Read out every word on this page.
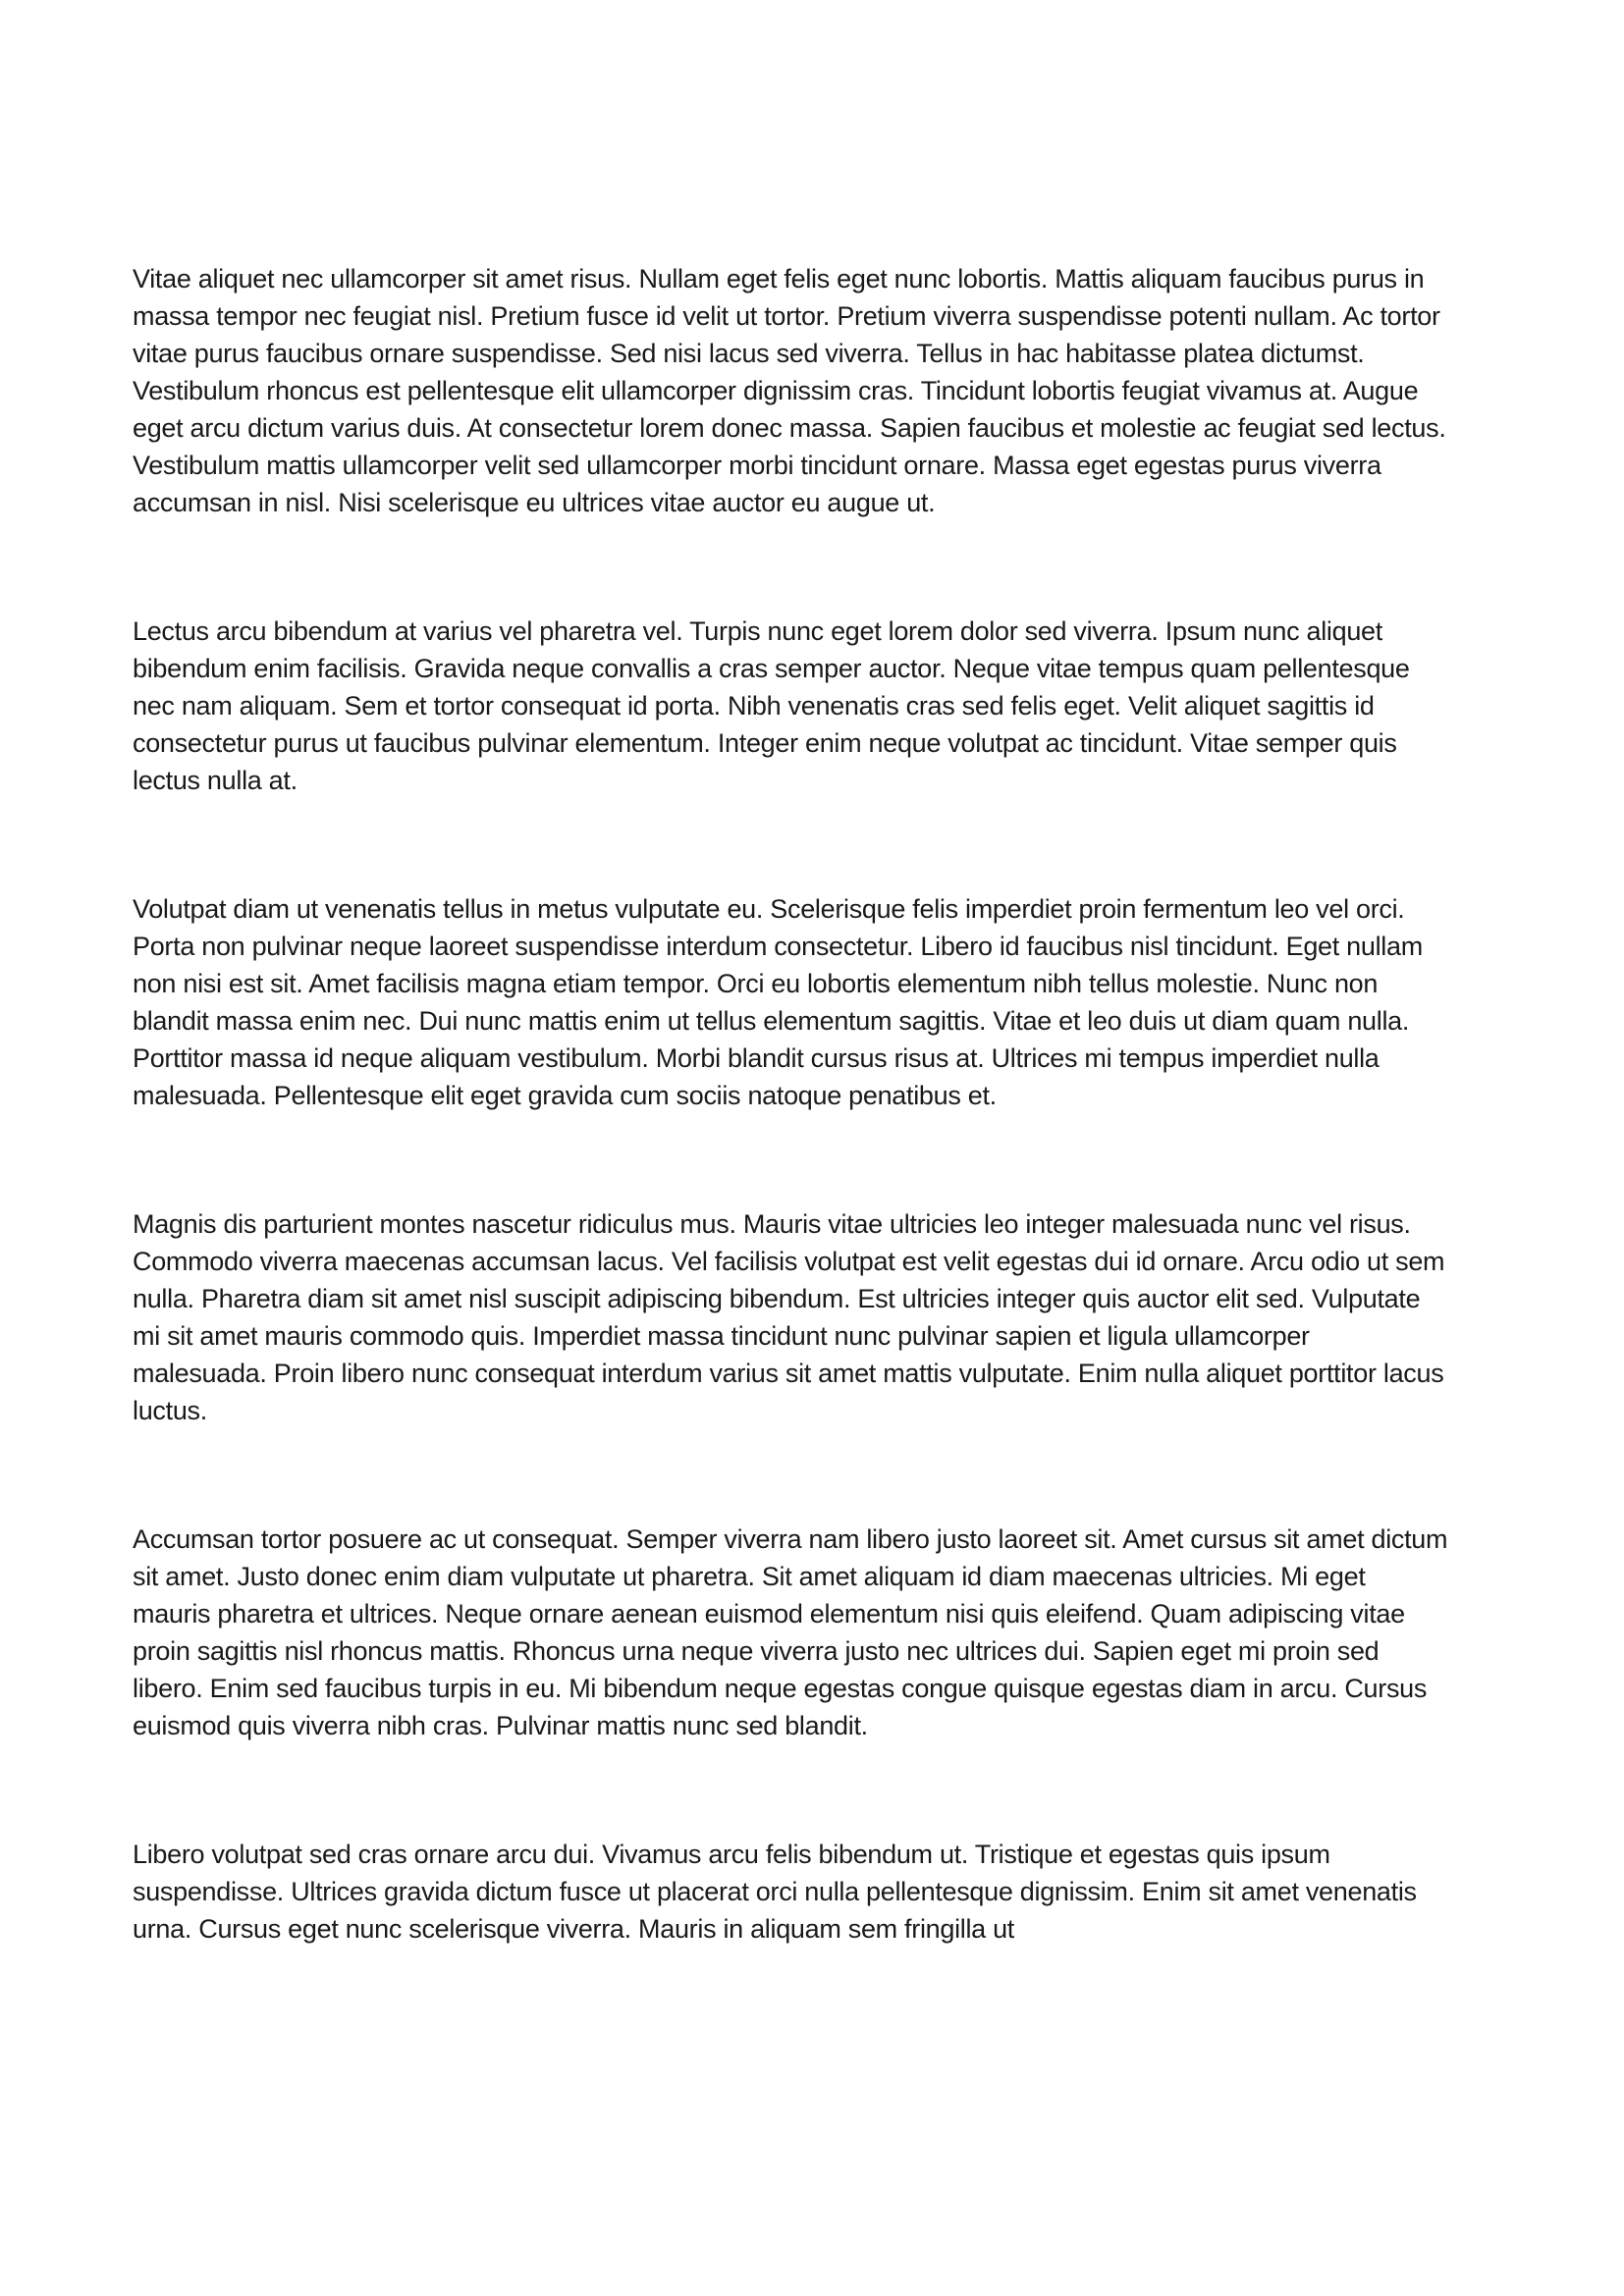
Vitae aliquet nec ullamcorper sit amet risus. Nullam eget felis eget nunc lobortis. Mattis aliquam faucibus purus in massa tempor nec feugiat nisl. Pretium fusce id velit ut tortor. Pretium viverra suspendisse potenti nullam. Ac tortor vitae purus faucibus ornare suspendisse. Sed nisi lacus sed viverra. Tellus in hac habitasse platea dictumst. Vestibulum rhoncus est pellentesque elit ullamcorper dignissim cras. Tincidunt lobortis feugiat vivamus at. Augue eget arcu dictum varius duis. At consectetur lorem donec massa. Sapien faucibus et molestie ac feugiat sed lectus. Vestibulum mattis ullamcorper velit sed ullamcorper morbi tincidunt ornare. Massa eget egestas purus viverra accumsan in nisl. Nisi scelerisque eu ultrices vitae auctor eu augue ut.

Lectus arcu bibendum at varius vel pharetra vel. Turpis nunc eget lorem dolor sed viverra. Ipsum nunc aliquet bibendum enim facilisis. Gravida neque convallis a cras semper auctor. Neque vitae tempus quam pellentesque nec nam aliquam. Sem et tortor consequat id porta. Nibh venenatis cras sed felis eget. Velit aliquet sagittis id consectetur purus ut faucibus pulvinar elementum. Integer enim neque volutpat ac tincidunt. Vitae semper quis lectus nulla at.

Volutpat diam ut venenatis tellus in metus vulputate eu. Scelerisque felis imperdiet proin fermentum leo vel orci. Porta non pulvinar neque laoreet suspendisse interdum consectetur. Libero id faucibus nisl tincidunt. Eget nullam non nisi est sit. Amet facilisis magna etiam tempor. Orci eu lobortis elementum nibh tellus molestie. Nunc non blandit massa enim nec. Dui nunc mattis enim ut tellus elementum sagittis. Vitae et leo duis ut diam quam nulla. Porttitor massa id neque aliquam vestibulum. Morbi blandit cursus risus at. Ultrices mi tempus imperdiet nulla malesuada. Pellentesque elit eget gravida cum sociis natoque penatibus et.

Magnis dis parturient montes nascetur ridiculus mus. Mauris vitae ultricies leo integer malesuada nunc vel risus. Commodo viverra maecenas accumsan lacus. Vel facilisis volutpat est velit egestas dui id ornare. Arcu odio ut sem nulla. Pharetra diam sit amet nisl suscipit adipiscing bibendum. Est ultricies integer quis auctor elit sed. Vulputate mi sit amet mauris commodo quis. Imperdiet massa tincidunt nunc pulvinar sapien et ligula ullamcorper malesuada. Proin libero nunc consequat interdum varius sit amet mattis vulputate. Enim nulla aliquet porttitor lacus luctus.

Accumsan tortor posuere ac ut consequat. Semper viverra nam libero justo laoreet sit. Amet cursus sit amet dictum sit amet. Justo donec enim diam vulputate ut pharetra. Sit amet aliquam id diam maecenas ultricies. Mi eget mauris pharetra et ultrices. Neque ornare aenean euismod elementum nisi quis eleifend. Quam adipiscing vitae proin sagittis nisl rhoncus mattis. Rhoncus urna neque viverra justo nec ultrices dui. Sapien eget mi proin sed libero. Enim sed faucibus turpis in eu. Mi bibendum neque egestas congue quisque egestas diam in arcu. Cursus euismod quis viverra nibh cras. Pulvinar mattis nunc sed blandit.

Libero volutpat sed cras ornare arcu dui. Vivamus arcu felis bibendum ut. Tristique et egestas quis ipsum suspendisse. Ultrices gravida dictum fusce ut placerat orci nulla pellentesque dignissim. Enim sit amet venenatis urna. Cursus eget nunc scelerisque viverra. Mauris in aliquam sem fringilla ut
